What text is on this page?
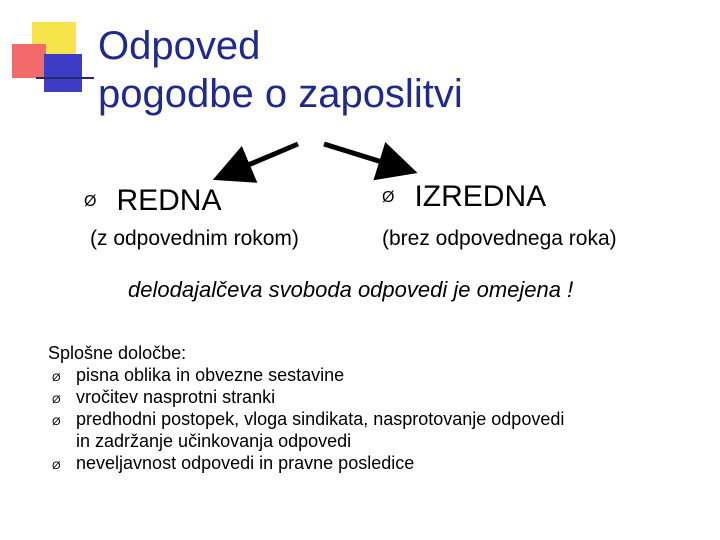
Odpoved
pogodbe o zaposlitvi
Ø REDNA
(z odpovednim rokom)
Ø IZREDNA
(brez odpovednega roka)
delodajalčeva svoboda odpovedi je omejena !
Splošne določbe:
Ø pisna oblika in obvezne sestavine
Ø vročitev nasprotni stranki
Ø predhodni postopek, vloga sindikata, nasprotovanje odpovedi
in zadržanje učinkovanja odpovedi
Ø neveljavnost odpovedi in pravne posledice
